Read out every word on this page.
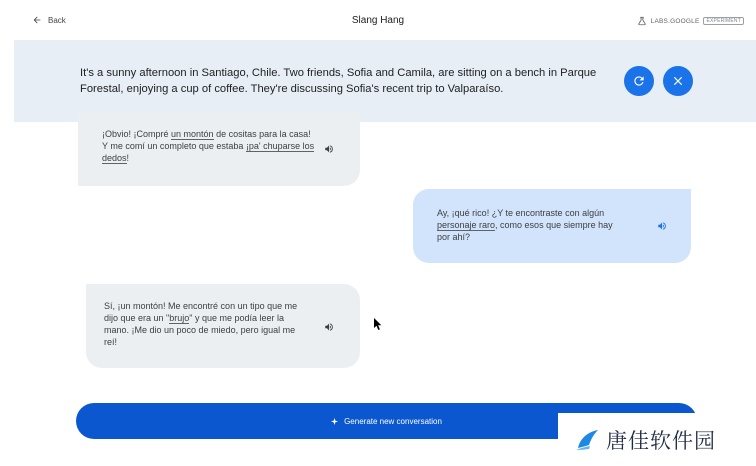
Back	Slang Hang	LABS.GOOGLE	EXPERIMENT
It's a sunny afternoon in Santiago, Chile. Two friends, Sofia and Camila, are sitting on a bench in Parque Forestal, enjoying a cup of coffee. They're discussing Sofia's recent trip to Valparaíso.
¡Obvio! ¡Compré un montón de cositas para la casa! Y me comí un completo que estaba ¡pa' chuparse los dedos!
Ay, ¡qué rico! ¿Y te encontraste con algún personaje raro, como esos que siempre hay por ahí?
Sí, ¡un montón! Me encontré con un tipo que me dijo que era un "brujo" y que me podía leer la mano. ¡Me dio un poco de miedo, pero igual me reí!
Generate new conversation
唐佳软件园
